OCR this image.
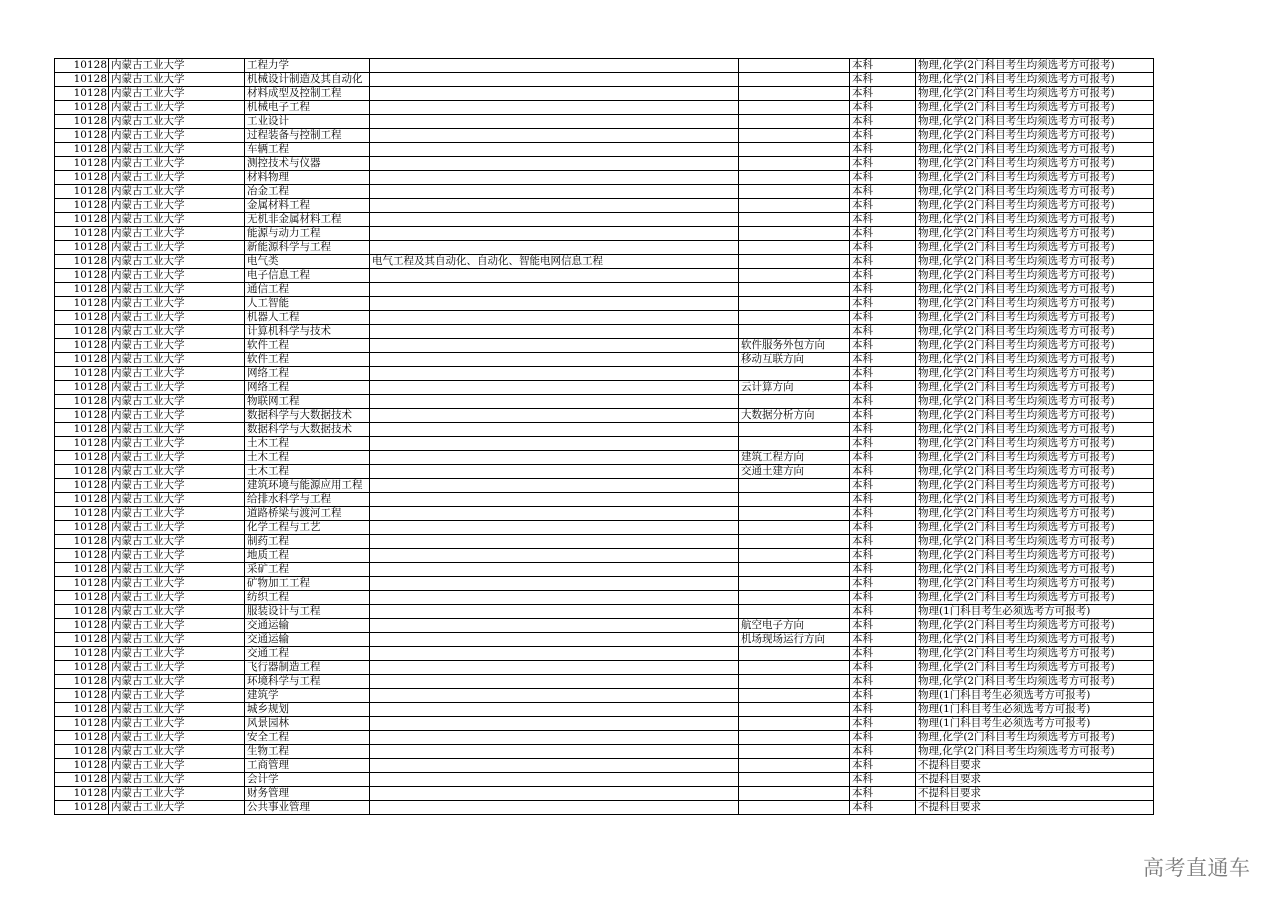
10128	内蒙古工业大学	工程力学			本科	物理,化学(2门科目考生均须选考方可报考)
10128	内蒙古工业大学	机械设计制造及其自动化			本科	物理,化学(2门科目考生均须选考方可报考)
10128	内蒙古工业大学	材料成型及控制工程			本科	物理,化学(2门科目考生均须选考方可报考)
10128	内蒙古工业大学	机械电子工程			本科	物理,化学(2门科目考生均须选考方可报考)
10128	内蒙古工业大学	工业设计			本科	物理,化学(2门科目考生均须选考方可报考)
10128	内蒙古工业大学	过程装备与控制工程			本科	物理,化学(2门科目考生均须选考方可报考)
10128	内蒙古工业大学	车辆工程			本科	物理,化学(2门科目考生均须选考方可报考)
10128	内蒙古工业大学	测控技术与仪器			本科	物理,化学(2门科目考生均须选考方可报考)
10128	内蒙古工业大学	材料物理			本科	物理,化学(2门科目考生均须选考方可报考)
10128	内蒙古工业大学	冶金工程			本科	物理,化学(2门科目考生均须选考方可报考)
10128	内蒙古工业大学	金属材料工程			本科	物理,化学(2门科目考生均须选考方可报考)
10128	内蒙古工业大学	无机非金属材料工程			本科	物理,化学(2门科目考生均须选考方可报考)
10128	内蒙古工业大学	能源与动力工程			本科	物理,化学(2门科目考生均须选考方可报考)
10128	内蒙古工业大学	新能源科学与工程			本科	物理,化学(2门科目考生均须选考方可报考)
10128	内蒙古工业大学	电气类	电气工程及其自动化、自动化、智能电网信息工程		本科	物理,化学(2门科目考生均须选考方可报考)
10128	内蒙古工业大学	电子信息工程			本科	物理,化学(2门科目考生均须选考方可报考)
10128	内蒙古工业大学	通信工程			本科	物理,化学(2门科目考生均须选考方可报考)
10128	内蒙古工业大学	人工智能			本科	物理,化学(2门科目考生均须选考方可报考)
10128	内蒙古工业大学	机器人工程			本科	物理,化学(2门科目考生均须选考方可报考)
10128	内蒙古工业大学	计算机科学与技术			本科	物理,化学(2门科目考生均须选考方可报考)
10128	内蒙古工业大学	软件工程		软件服务外包方向	本科	物理,化学(2门科目考生均须选考方可报考)
10128	内蒙古工业大学	软件工程		移动互联方向	本科	物理,化学(2门科目考生均须选考方可报考)
10128	内蒙古工业大学	网络工程			本科	物理,化学(2门科目考生均须选考方可报考)
10128	内蒙古工业大学	网络工程		云计算方向	本科	物理,化学(2门科目考生均须选考方可报考)
10128	内蒙古工业大学	物联网工程			本科	物理,化学(2门科目考生均须选考方可报考)
10128	内蒙古工业大学	数据科学与大数据技术		大数据分析方向	本科	物理,化学(2门科目考生均须选考方可报考)
10128	内蒙古工业大学	数据科学与大数据技术			本科	物理,化学(2门科目考生均须选考方可报考)
10128	内蒙古工业大学	土木工程			本科	物理,化学(2门科目考生均须选考方可报考)
10128	内蒙古工业大学	土木工程		建筑工程方向	本科	物理,化学(2门科目考生均须选考方可报考)
10128	内蒙古工业大学	土木工程		交通土建方向	本科	物理,化学(2门科目考生均须选考方可报考)
10128	内蒙古工业大学	建筑环境与能源应用工程			本科	物理,化学(2门科目考生均须选考方可报考)
10128	内蒙古工业大学	给排水科学与工程			本科	物理,化学(2门科目考生均须选考方可报考)
10128	内蒙古工业大学	道路桥梁与渡河工程			本科	物理,化学(2门科目考生均须选考方可报考)
10128	内蒙古工业大学	化学工程与工艺			本科	物理,化学(2门科目考生均须选考方可报考)
10128	内蒙古工业大学	制药工程			本科	物理,化学(2门科目考生均须选考方可报考)
10128	内蒙古工业大学	地质工程			本科	物理,化学(2门科目考生均须选考方可报考)
10128	内蒙古工业大学	采矿工程			本科	物理,化学(2门科目考生均须选考方可报考)
10128	内蒙古工业大学	矿物加工工程			本科	物理,化学(2门科目考生均须选考方可报考)
10128	内蒙古工业大学	纺织工程			本科	物理,化学(2门科目考生均须选考方可报考)
10128	内蒙古工业大学	服装设计与工程			本科	物理(1门科目考生必须选考方可报考)
10128	内蒙古工业大学	交通运输		航空电子方向	本科	物理,化学(2门科目考生均须选考方可报考)
10128	内蒙古工业大学	交通运输		机场现场运行方向	本科	物理,化学(2门科目考生均须选考方可报考)
10128	内蒙古工业大学	交通工程			本科	物理,化学(2门科目考生均须选考方可报考)
10128	内蒙古工业大学	飞行器制造工程			本科	物理,化学(2门科目考生均须选考方可报考)
10128	内蒙古工业大学	环境科学与工程			本科	物理,化学(2门科目考生均须选考方可报考)
10128	内蒙古工业大学	建筑学			本科	物理(1门科目考生必须选考方可报考)
10128	内蒙古工业大学	城乡规划			本科	物理(1门科目考生必须选考方可报考)
10128	内蒙古工业大学	风景园林			本科	物理(1门科目考生必须选考方可报考)
10128	内蒙古工业大学	安全工程			本科	物理,化学(2门科目考生均须选考方可报考)
10128	内蒙古工业大学	生物工程			本科	物理,化学(2门科目考生均须选考方可报考)
10128	内蒙古工业大学	工商管理			本科	不提科目要求
10128	内蒙古工业大学	会计学			本科	不提科目要求
10128	内蒙古工业大学	财务管理			本科	不提科目要求
10128	内蒙古工业大学	公共事业管理			本科	不提科目要求
高考直通车
